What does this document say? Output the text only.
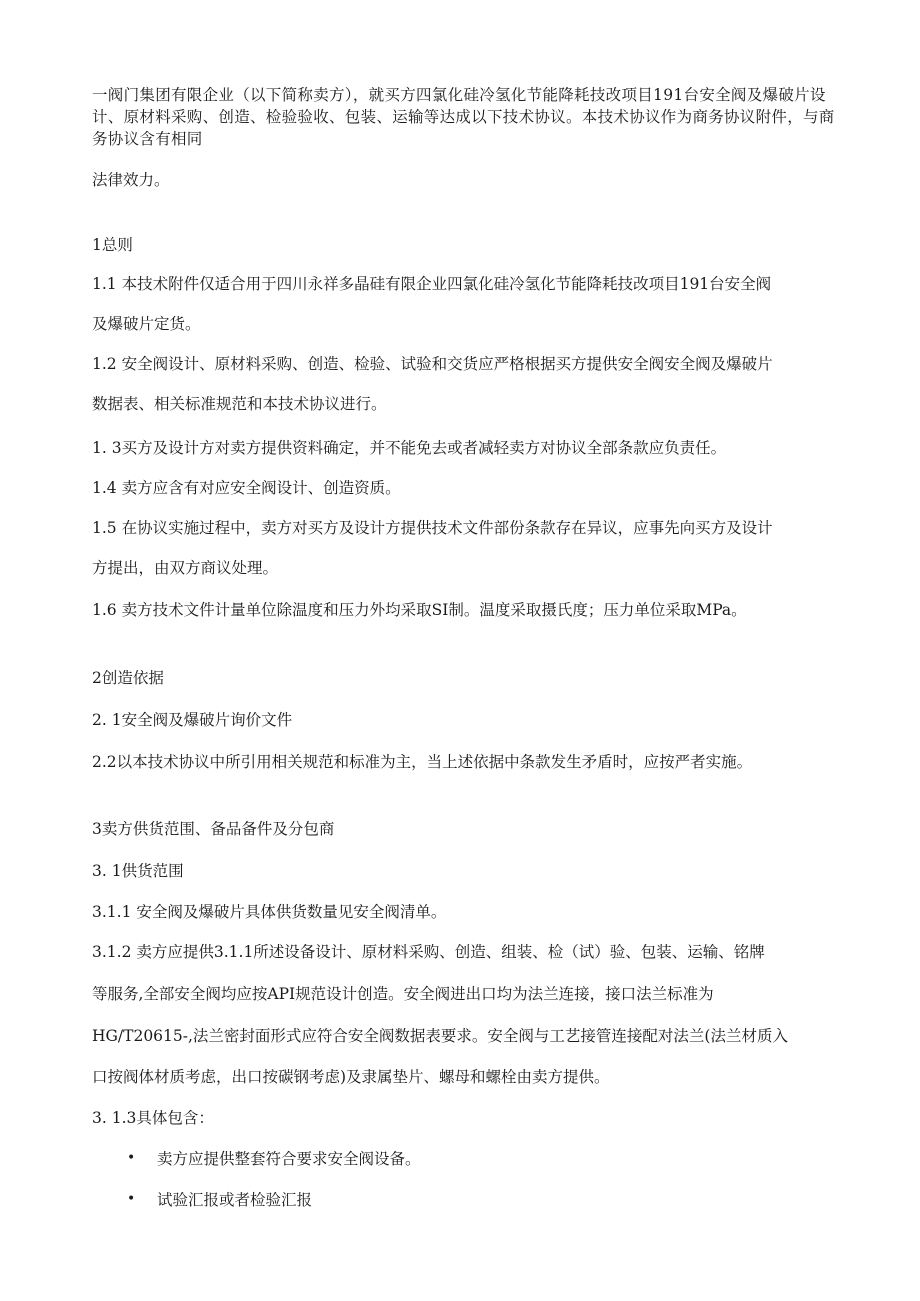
一阀门集团有限企业（以下简称卖方），就买方四氯化硅冷氢化节能降耗技改项目191台安全阀及爆破片设计、原材料采购、创造、检验验收、包装、运输等达成以下技术协议。本技术协议作为商务协议附件，与商务协议含有相同

法律效力。

1总则

1.1 本技术附件仅适合用于四川永祥多晶硅有限企业四氯化硅冷氢化节能降耗技改项目191台安全阀

及爆破片定货。

1.2 安全阀设计、原材料采购、创造、检验、试验和交货应严格根据买方提供安全阀安全阀及爆破片

数据表、相关标准规范和本技术协议进行。

1. 3买方及设计方对卖方提供资料确定，并不能免去或者减轻卖方对协议全部条款应负责任。

1.4 卖方应含有对应安全阀设计、创造资质。

1.5 在协议实施过程中，卖方对买方及设计方提供技术文件部份条款存在异议，应事先向买方及设计

方提出，由双方商议处理。

1.6 卖方技术文件计量单位除温度和压力外均采取SI制。温度采取摄氏度；压力单位采取MPa。

2创造依据

2. 1安全阀及爆破片询价文件

2.2以本技术协议中所引用相关规范和标准为主，当上述依据中条款发生矛盾时，应按严者实施。

3卖方供货范围、备品备件及分包商

3. 1供货范围

3.1.1 安全阀及爆破片具体供货数量见安全阀清单。

3.1.2 卖方应提供3.1.1所述设备设计、原材料采购、创造、组装、检（试）验、包装、运输、铭牌

等服务,全部安全阀均应按API规范设计创造。安全阀进出口均为法兰连接，接口法兰标准为

HG/T20615-,法兰密封面形式应符合安全阀数据表要求。安全阀与工艺接管连接配对法兰(法兰材质入

口按阀体材质考虑，出口按碳钢考虑)及隶属垫片、螺母和螺栓由卖方提供。

3. 1.3具体包含：

• 卖方应提供整套符合要求安全阀设备。
• 试验汇报或者检验汇报
